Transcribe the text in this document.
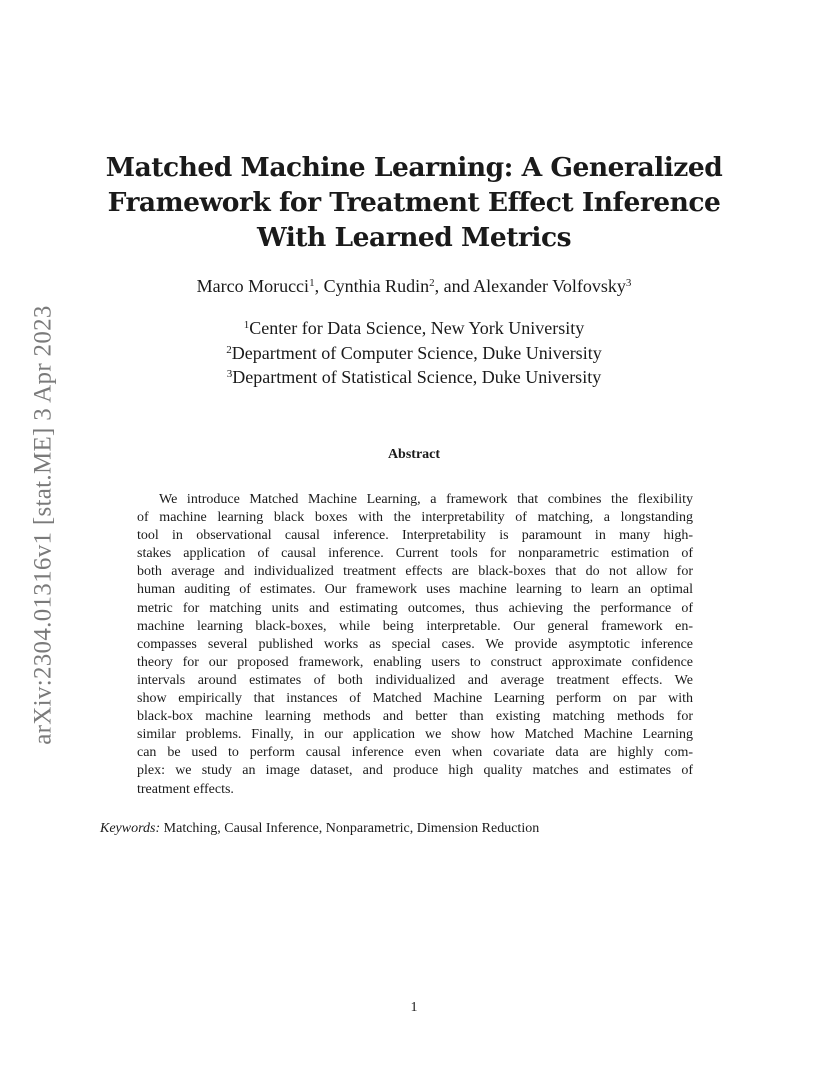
arXiv:2304.01316v1 [stat.ME] 3 Apr 2023
Matched Machine Learning: A Generalized
Framework for Treatment Effect Inference
With Learned Metrics
Marco Morucci$^1$, Cynthia Rudin$^2$, and Alexander Volfovsky$^3$
$^1$Center for Data Science, New York University
$^2$Department of Computer Science, Duke University
$^3$Department of Statistical Science, Duke University
Abstract
We introduce Matched Machine Learning, a framework that combines the flexibility
of machine learning black boxes with the interpretability of matching, a longstanding
tool in observational causal inference. Interpretability is paramount in many high-
stakes application of causal inference. Current tools for nonparametric estimation of
both average and individualized treatment effects are black-boxes that do not allow for
human auditing of estimates. Our framework uses machine learning to learn an optimal
metric for matching units and estimating outcomes, thus achieving the performance of
machine learning black-boxes, while being interpretable. Our general framework en-
compasses several published works as special cases. We provide asymptotic inference
theory for our proposed framework, enabling users to construct approximate confidence
intervals around estimates of both individualized and average treatment effects. We
show empirically that instances of Matched Machine Learning perform on par with
black-box machine learning methods and better than existing matching methods for
similar problems. Finally, in our application we show how Matched Machine Learning
can be used to perform causal inference even when covariate data are highly com-
plex: we study an image dataset, and produce high quality matches and estimates of
treatment effects.
Keywords: Matching, Causal Inference, Nonparametric, Dimension Reduction
1
